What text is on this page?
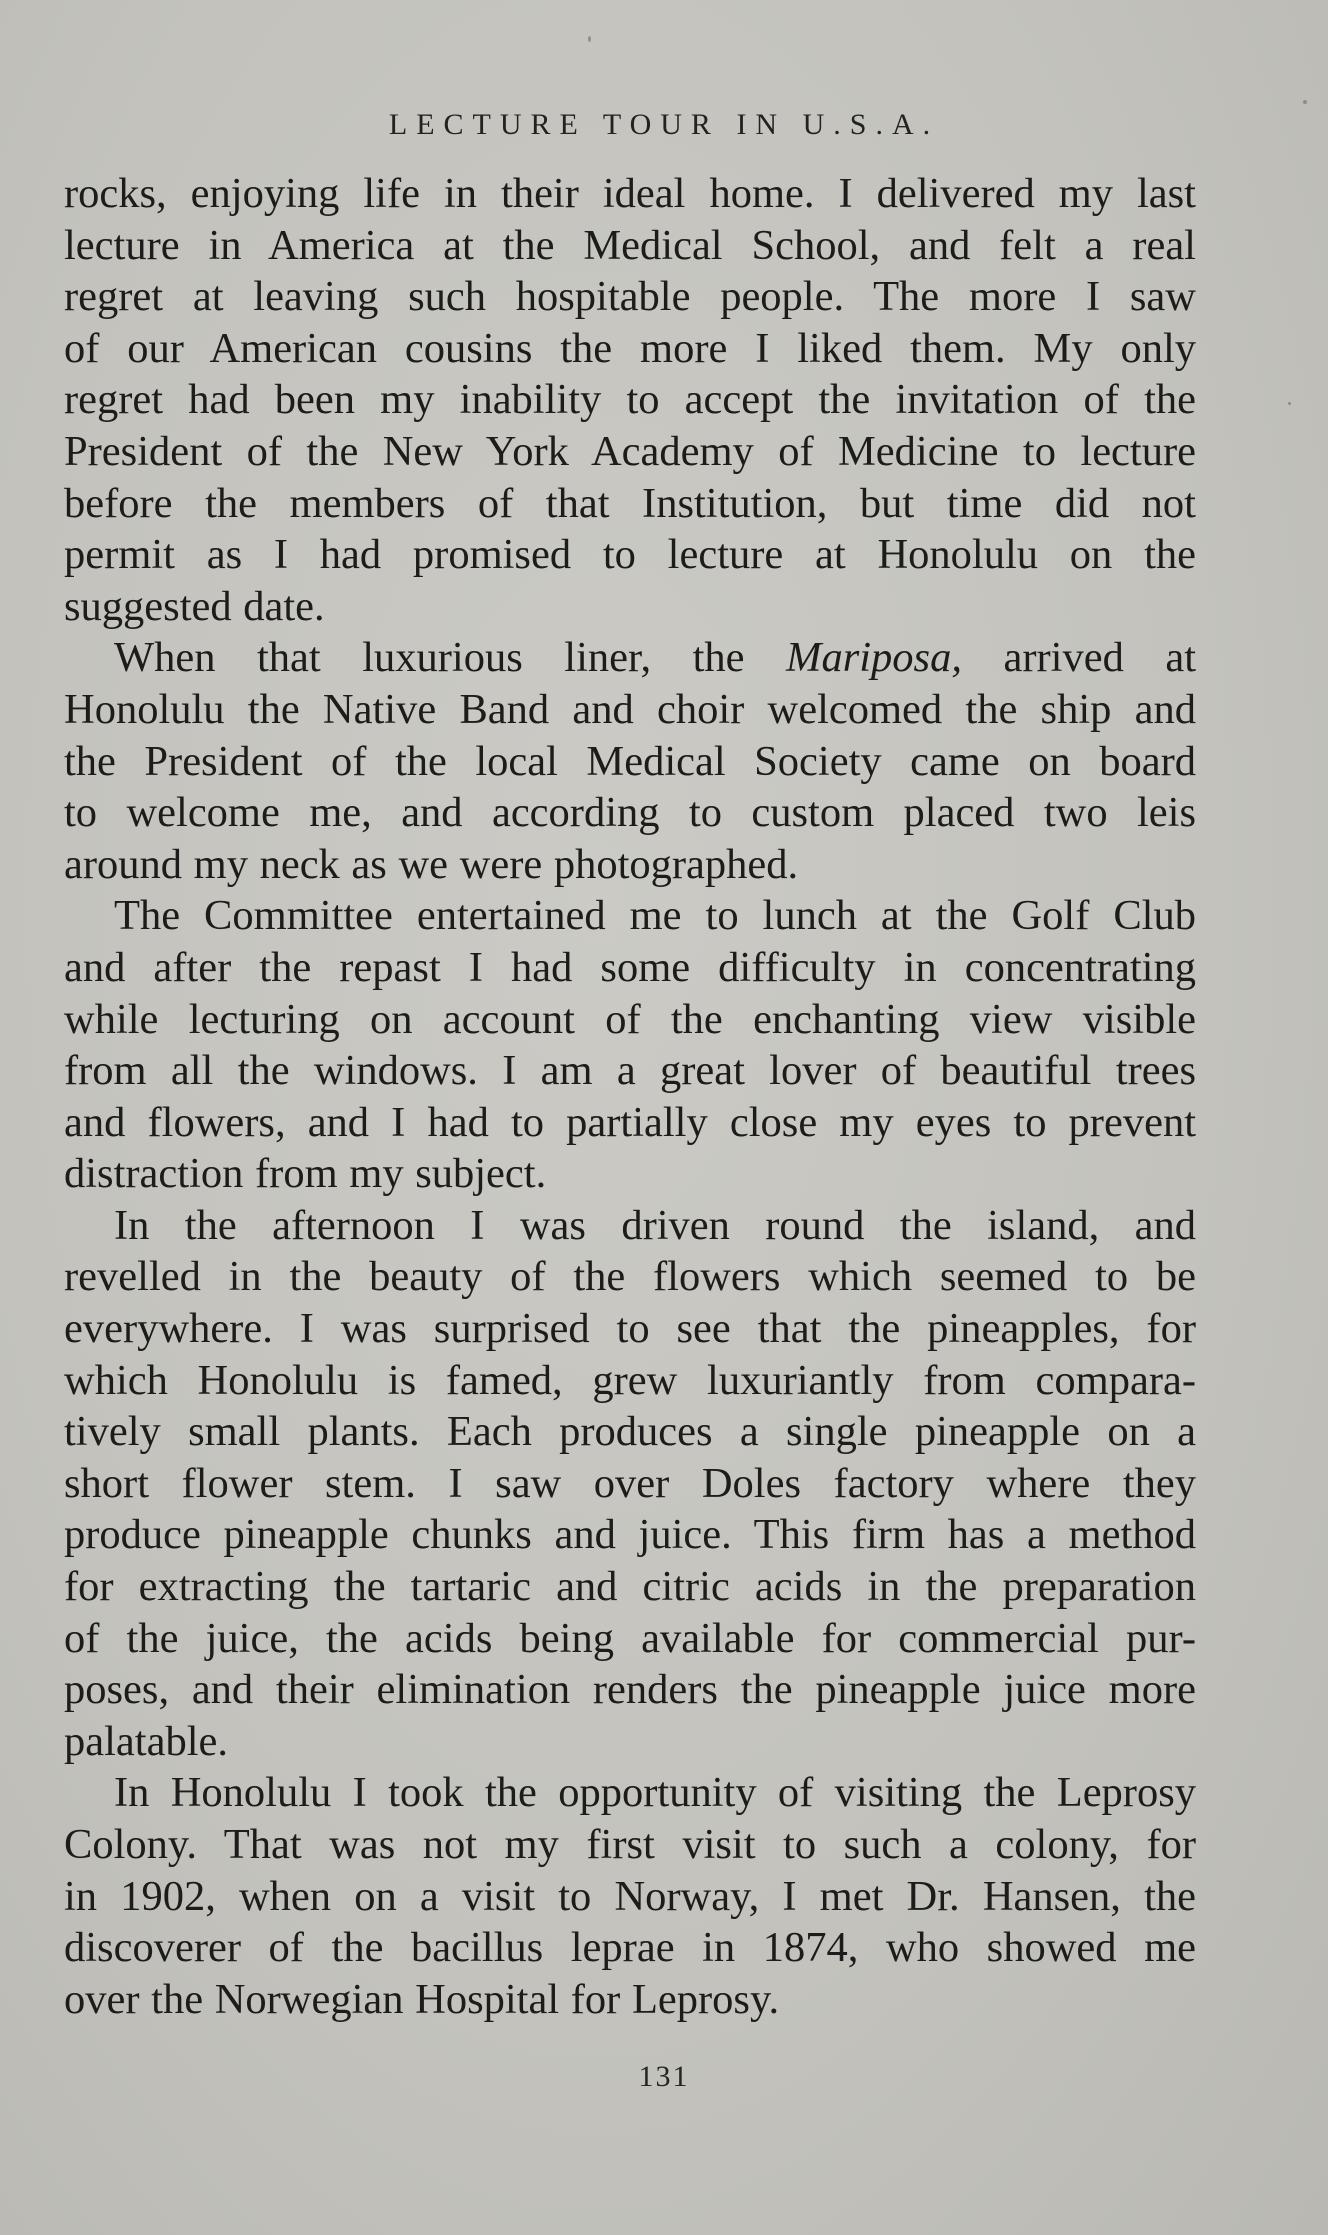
LECTURE TOUR IN U.S.A.

rocks, enjoying life in their ideal home. I delivered my last
lecture in America at the Medical School, and felt a real
regret at leaving such hospitable people. The more I saw
of our American cousins the more I liked them. My only
regret had been my inability to accept the invitation of the
President of the New York Academy of Medicine to lecture
before the members of that Institution, but time did not
permit as I had promised to lecture at Honolulu on the
suggested date.

When that luxurious liner, the Mariposa, arrived at
Honolulu the Native Band and choir welcomed the ship and
the President of the local Medical Society came on board
to welcome me, and according to custom placed two leis
around my neck as we were photographed.

The Committee entertained me to lunch at the Golf Club
and after the repast I had some difficulty in concentrating
while lecturing on account of the enchanting view visible
from all the windows. I am a great lover of beautiful trees
and flowers, and I had to partially close my eyes to prevent
distraction from my subject.

In the afternoon I was driven round the island, and
revelled in the beauty of the flowers which seemed to be
everywhere. I was surprised to see that the pineapples, for
which Honolulu is famed, grew luxuriantly from compara-
tively small plants. Each produces a single pineapple on a
short flower stem. I saw over Doles factory where they
produce pineapple chunks and juice. This firm has a method
for extracting the tartaric and citric acids in the preparation
of the juice, the acids being available for commercial pur-
poses, and their elimination renders the pineapple juice more
palatable.

In Honolulu I took the opportunity of visiting the Leprosy
Colony. That was not my first visit to such a colony, for
in 1902, when on a visit to Norway, I met Dr. Hansen, the
discoverer of the bacillus leprae in 1874, who showed me
over the Norwegian Hospital for Leprosy.

131
